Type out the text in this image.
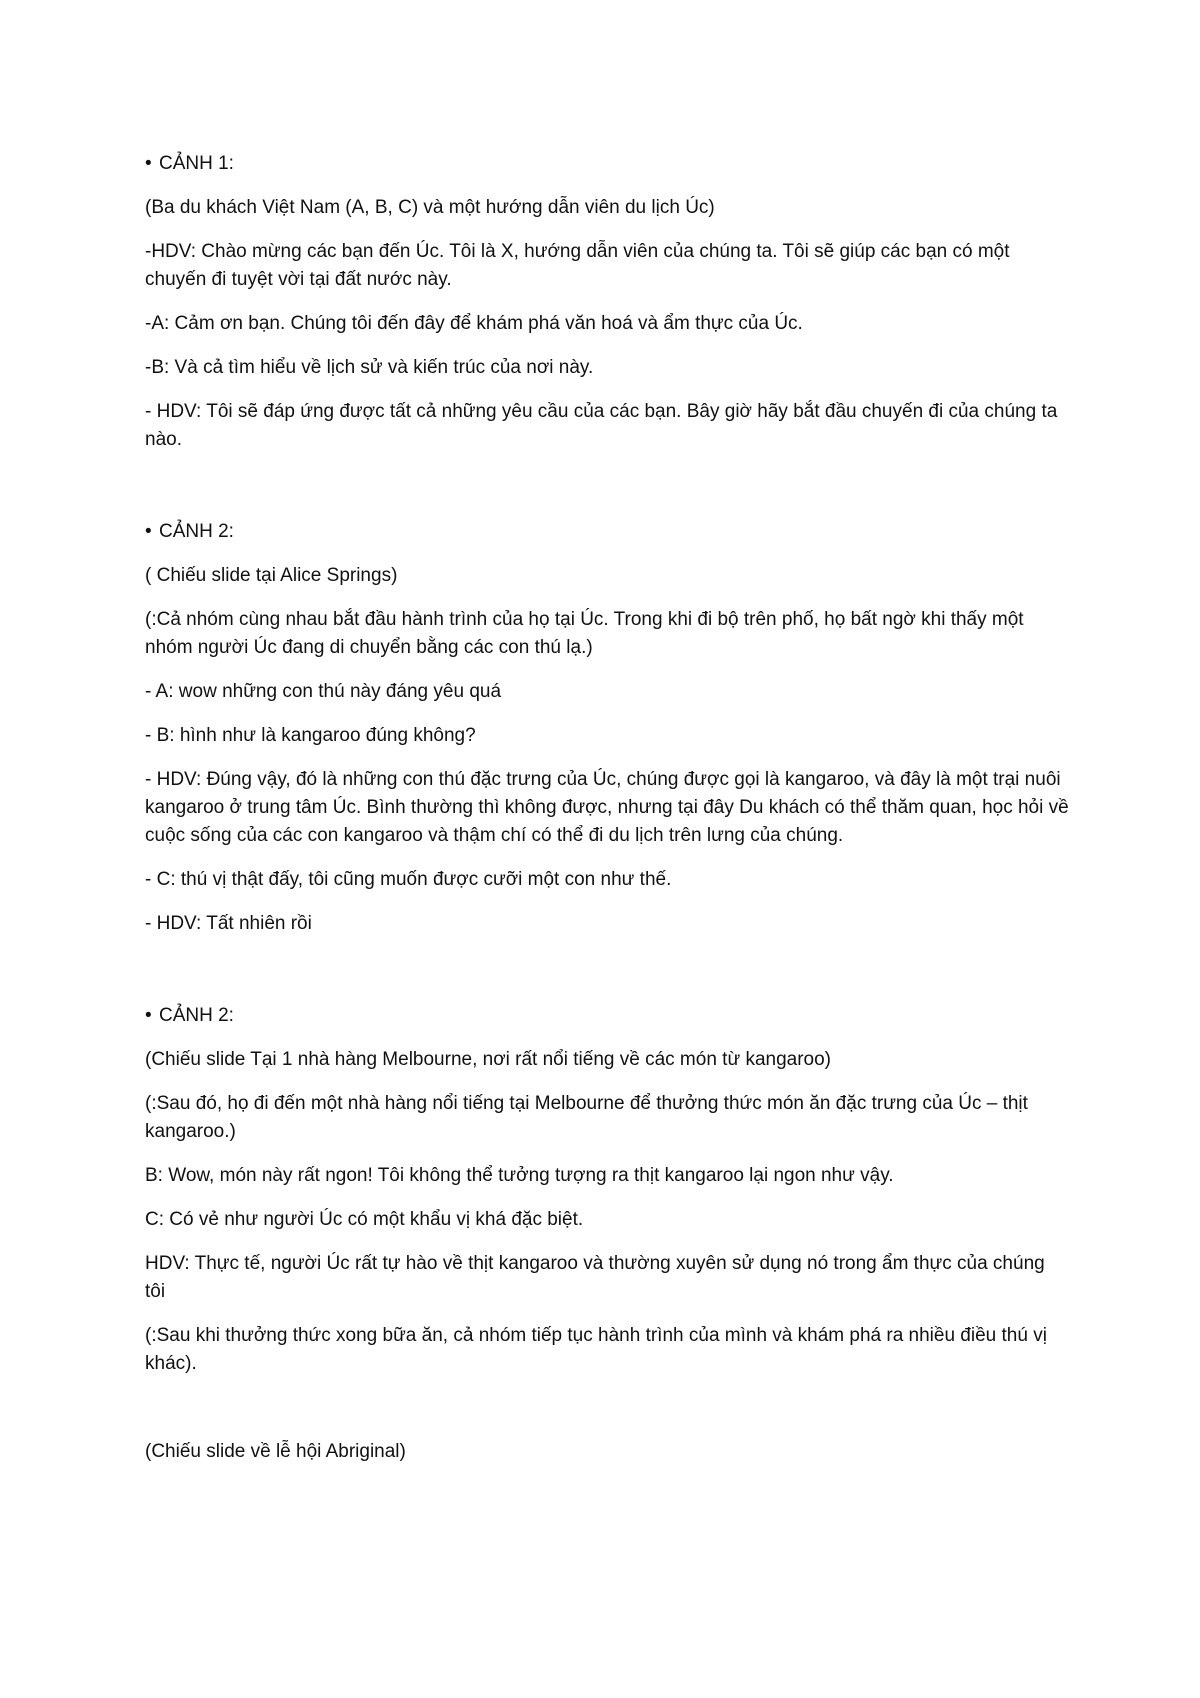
• CẢNH 1:

(Ba du khách Việt Nam (A, B, C) và một hướng dẫn viên du lịch Úc)

-HDV: Chào mừng các bạn đến Úc. Tôi là X, hướng dẫn viên của chúng ta. Tôi sẽ giúp các bạn có một chuyến đi tuyệt vời tại đất nước này.

-A: Cảm ơn bạn. Chúng tôi đến đây để khám phá văn hoá và ẩm thực của Úc.

-B: Và cả tìm hiểu về lịch sử và kiến trúc của nơi này.

- HDV: Tôi sẽ đáp ứng được tất cả những yêu cầu của các bạn. Bây giờ hãy bắt đầu chuyến đi của chúng ta nào.

• CẢNH 2:

( Chiếu slide tại Alice Springs)

(:Cả nhóm cùng nhau bắt đầu hành trình của họ tại Úc. Trong khi đi bộ trên phố, họ bất ngờ khi thấy một nhóm người Úc đang di chuyển bằng các con thú lạ.)

- A: wow những con thú này đáng yêu quá

- B: hình như là kangaroo đúng không?

- HDV: Đúng vậy, đó là những con thú đặc trưng của Úc, chúng được gọi là kangaroo, và đây là một trại nuôi kangaroo ở trung tâm Úc. Bình thường thì không được, nhưng tại đây Du khách có thể thăm quan, học hỏi về cuộc sống của các con kangaroo và thậm chí có thể đi du lịch trên lưng của chúng.

- C: thú vị thật đấy, tôi cũng muốn được cưỡi một con như thế.

- HDV: Tất nhiên rồi

• CẢNH 2:

(Chiếu slide Tại 1 nhà hàng Melbourne, nơi rất nổi tiếng về các món từ kangaroo)

(:Sau đó, họ đi đến một nhà hàng nổi tiếng tại Melbourne để thưởng thức món ăn đặc trưng của Úc – thịt kangaroo.)

B: Wow, món này rất ngon! Tôi không thể tưởng tượng ra thịt kangaroo lại ngon như vậy.

C: Có vẻ như người Úc có một khẩu vị khá đặc biệt.

HDV: Thực tế, người Úc rất tự hào về thịt kangaroo và thường xuyên sử dụng nó trong ẩm thực của chúng tôi

(:Sau khi thưởng thức xong bữa ăn, cả nhóm tiếp tục hành trình của mình và khám phá ra nhiều điều thú vị khác).

(Chiếu slide về lễ hội Abriginal)
